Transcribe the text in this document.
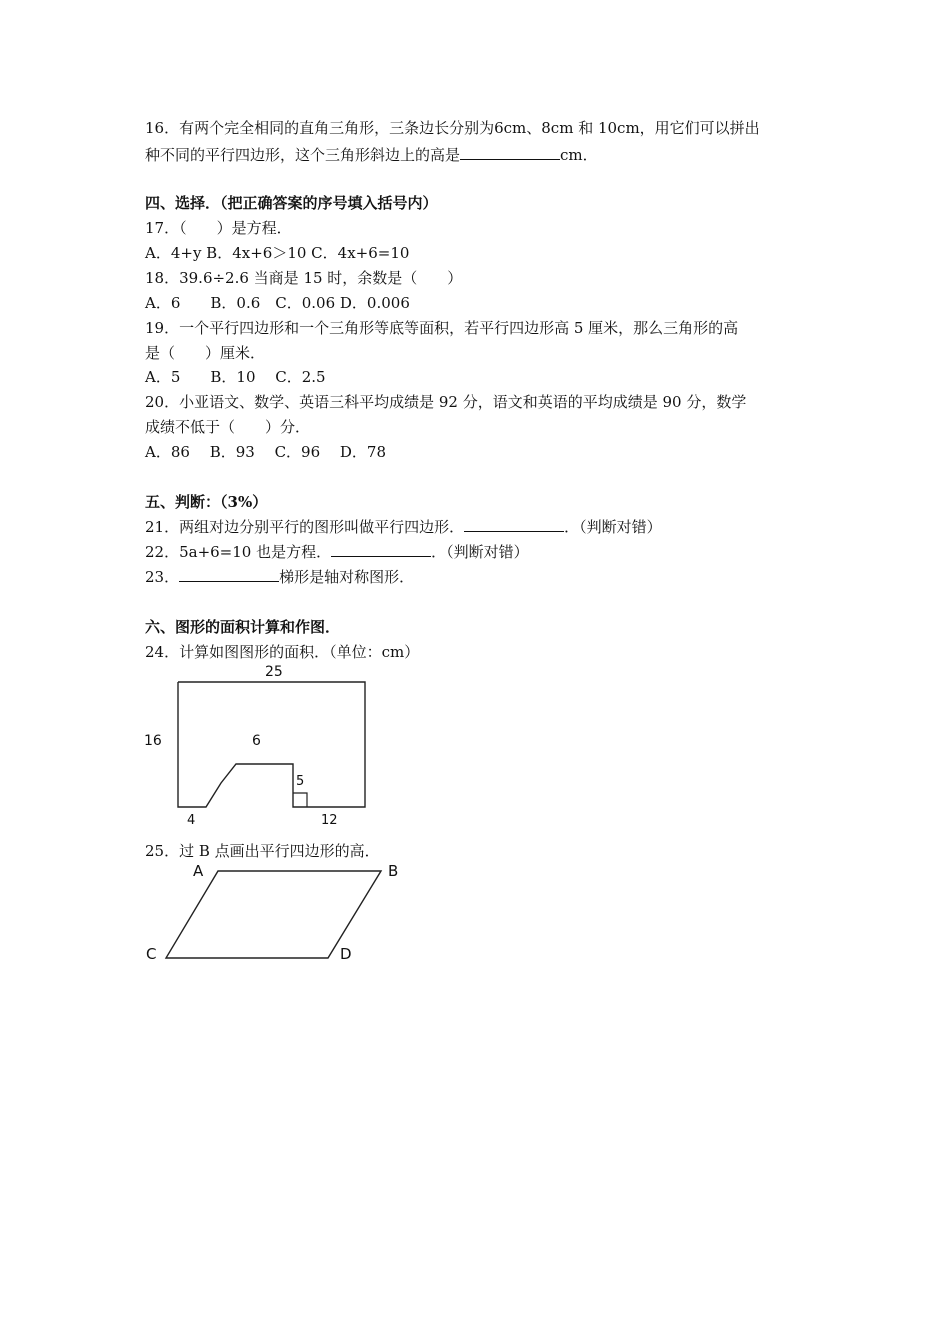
16．有两个完全相同的直角三角形，三条边长分别为6cm、8cm 和 10cm，用它们可以拼出
种不同的平行四边形，这个三角形斜边上的高是	cm．
四、选择．（把正确答案的序号填入括号内）
17．（　　）是方程．
A．4+y B．4x+6＞10 C．4x+6=10
18．39.6÷2.6 当商是 15 时，余数是（　　）
A．6　　B．0.6　C．0.06 D．0.006
19．一个平行四边形和一个三角形等底等面积，若平行四边形高 5 厘米，那么三角形的高
是（　　）厘米．
A．5　　B．10　 C．2.5
20．小亚语文、数学、英语三科平均成绩是 92 分，语文和英语的平均成绩是 90 分，数学
成绩不低于（　　）分．
A．86　 B．93　 C．96　 D．78
五、判断：（3%）
21．两组对边分别平行的图形叫做平行四边形．	．（判断对错）
22．5a+6=10 也是方程．	．（判断对错）
23．	梯形是轴对称图形．
六、图形的面积计算和作图．
24．计算如图图形的面积．（单位：cm）
25
16	6
5
4	12
25．过 B 点画出平行四边形的高．
A	B
C	D
